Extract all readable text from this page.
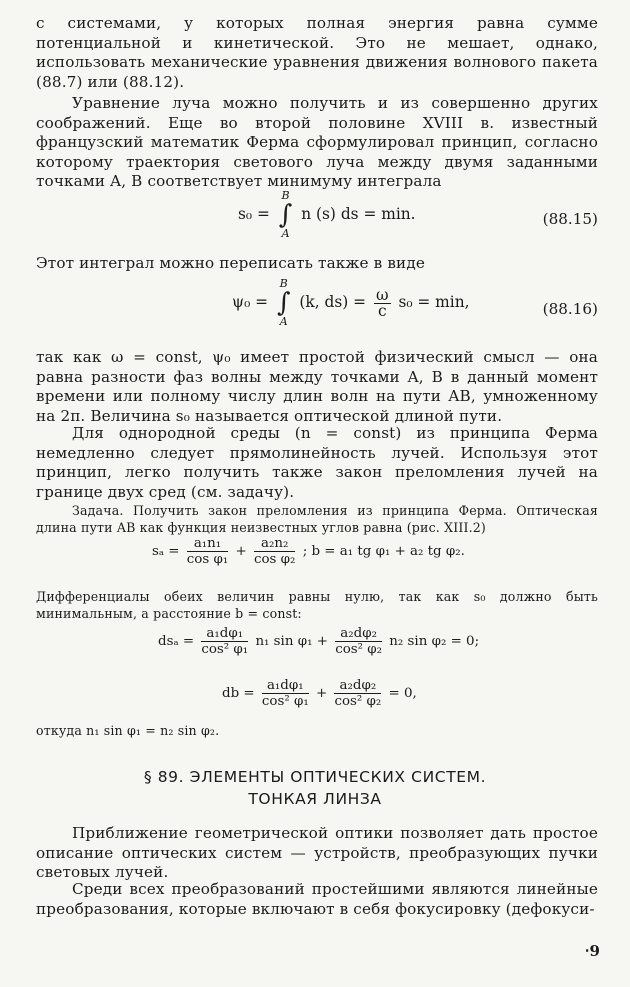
с системами, у которых полная энергия равна сумме потенциальной и кинетической. Это не мешает, однако, использовать механические уравнения движения волнового пакета (88.7) или (88.12).

Уравнение луча можно получить и из совершенно других соображений. Еще во второй половине XVIII в. известный французский математик Ферма сформулировал принцип, согласно которому траектория светового луча между двумя заданными точками A, B соответствует минимуму интеграла

s₀ =
B
∫
A
n (s) ds = min.	(88.15)

Этот интеграл можно переписать также в виде

ψ₀ =
B
∫
A
(k, $ds) = \frac{\omega}{c} s_0 = \min$,	(88.16)

так как ω = const, ψ₀ имеет простой физический смысл — она равна разности фаз волны между точками A, B в данный момент времени или полному числу длин волн на пути AB, умноженному на 2π. Величина s₀ называется оптической длиной пути.

Для однородной среды (n = const) из принципа Ферма немедленно следует прямолинейность лучей. Используя этот принцип, легко получить также закон преломления лучей на границе двух сред (см. задачу).

Задача. Получить закон преломления из принципа Ферма. Оптическая длина пути AB как функция неизвестных углов равна (рис. XIII.2)

$s_a = \frac{\text{a₁n₁}}{\text{cos φ₁}} + \frac{\text{a₂n₂}}{\text{cos φ₂}}$ ; b = a₁ tg φ₁ + a₂ tg φ₂.

Дифференциалы обеих величин равны нулю, так как s₀ должно быть минимальным, а расстояние b = const:

$ds_a = \frac{\text{a₁dφ₁}}{\text{cos² φ₁}} n_1$ $\sin \varphi_1 + \frac{\text{a₂dφ₂}}{\text{cos² φ₂}} n_2$ sin φ₂ = 0;
db = $\frac{\text{a₁dφ₁}}{\text{cos² φ₁}} + \frac{\text{a₂dφ₂}}{\text{cos² φ₂}} = 0$,

откуда n₁ sin φ₁ = n₂ sin φ₂.

§ 89. ЭЛЕМЕНТЫ ОПТИЧЕСКИХ СИСТЕМ.
ТОНКАЯ ЛИНЗА

Приближение геометрической оптики позволяет дать простое описание оптических систем — устройств, преобразующих пучки световых лучей.

Среди всех преобразований простейшими являются линейные преобразования, которые включают в себя фокусировку (дефокуси-

‧9
